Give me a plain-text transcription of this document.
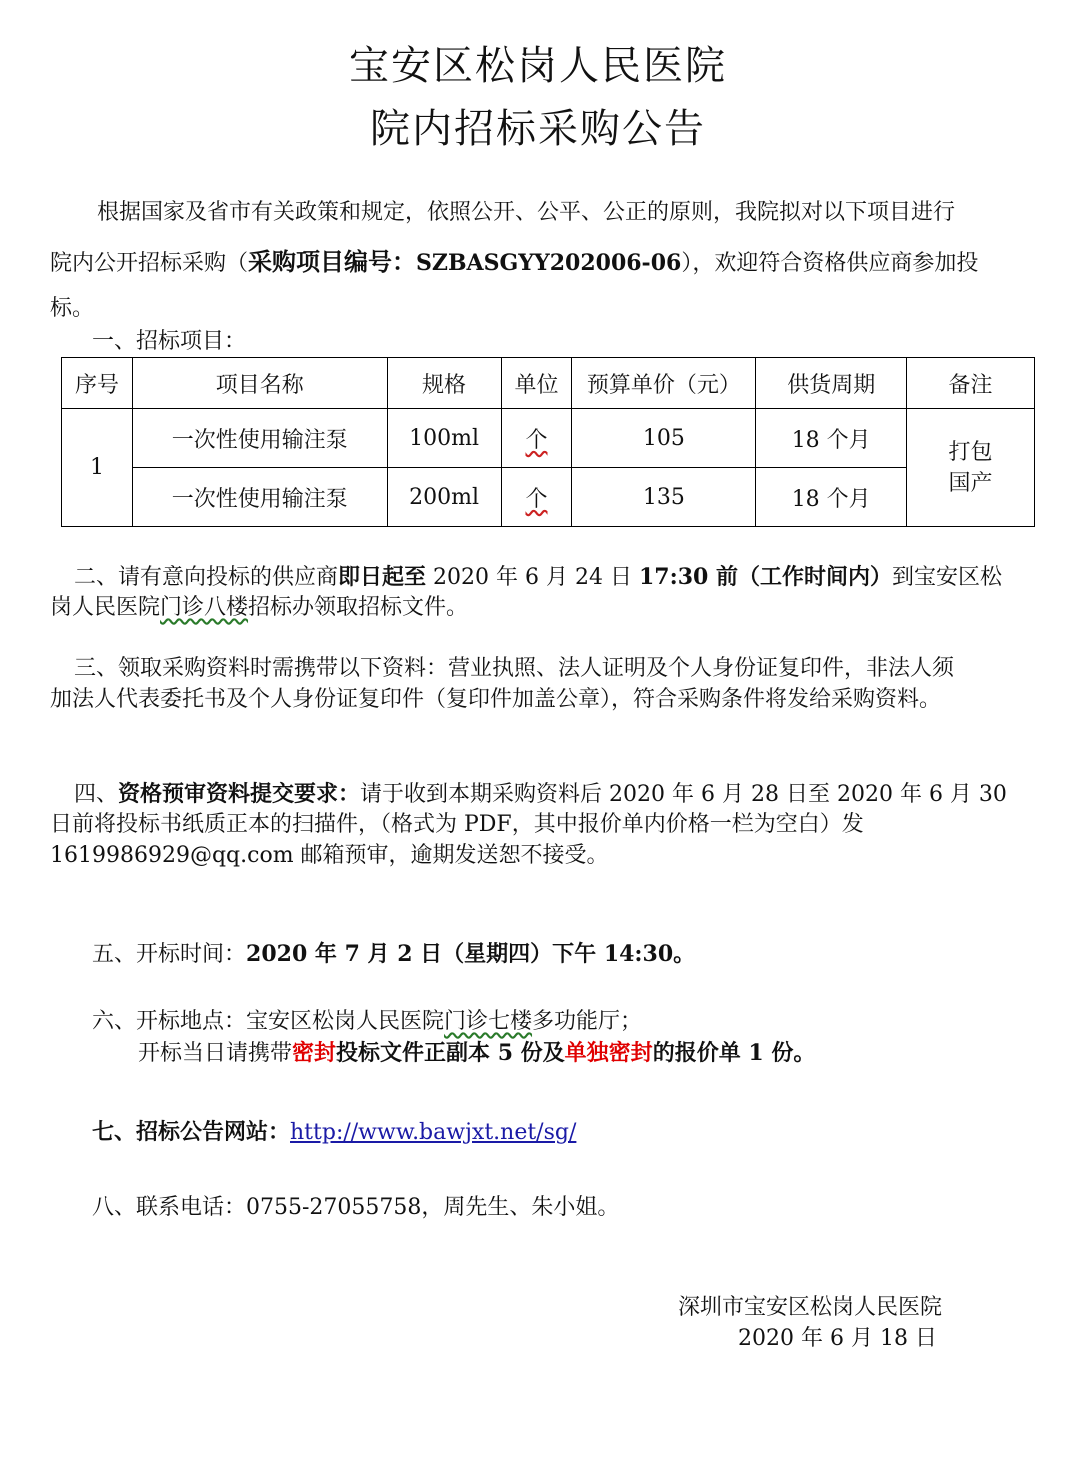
宝安区松岗人民医院
院内招标采购公告
根据国家及省市有关政策和规定，依照公开、公平、公正的原则，我院拟对以下项目进行
院内公开招标采购（采购项目编号：SZBASGYY202006-06），欢迎符合资格供应商参加投
标。
一、招标项目：
序号	项目名称	规格	单位	预算单价（元）	供货周期	备注
1	一次性使用输注泵	100ml	个	105	18 个月	打包
国产
	一次性使用输注泵	200ml	个	135	18 个月	
二、请有意向投标的供应商即日起至 2020 年 6 月 24 日 17:30 前（工作时间内）到宝安区松
岗人民医院门诊八楼招标办领取招标文件。
三、领取采购资料时需携带以下资料：营业执照、法人证明及个人身份证复印件，非法人须
加法人代表委托书及个人身份证复印件（复印件加盖公章），符合采购条件将发给采购资料。
四、资格预审资料提交要求：请于收到本期采购资料后 2020 年 6 月 28 日至 2020 年 6 月 30
日前将投标书纸质正本的扫描件，（格式为 PDF，其中报价单内价格一栏为空白）发
1619986929@qq.com 邮箱预审，逾期发送恕不接受。
五、开标时间：2020 年 7 月 2 日（星期四）下午 14:30。
六、开标地点：宝安区松岗人民医院门诊七楼多功能厅；
开标当日请携带密封投标文件正副本 5 份及单独密封的报价单 1 份。
七、招标公告网站：http://www.bawjxt.net/sg/
八、联系电话：0755-27055758，周先生、朱小姐。
深圳市宝安区松岗人民医院
2020 年 6 月 18 日
